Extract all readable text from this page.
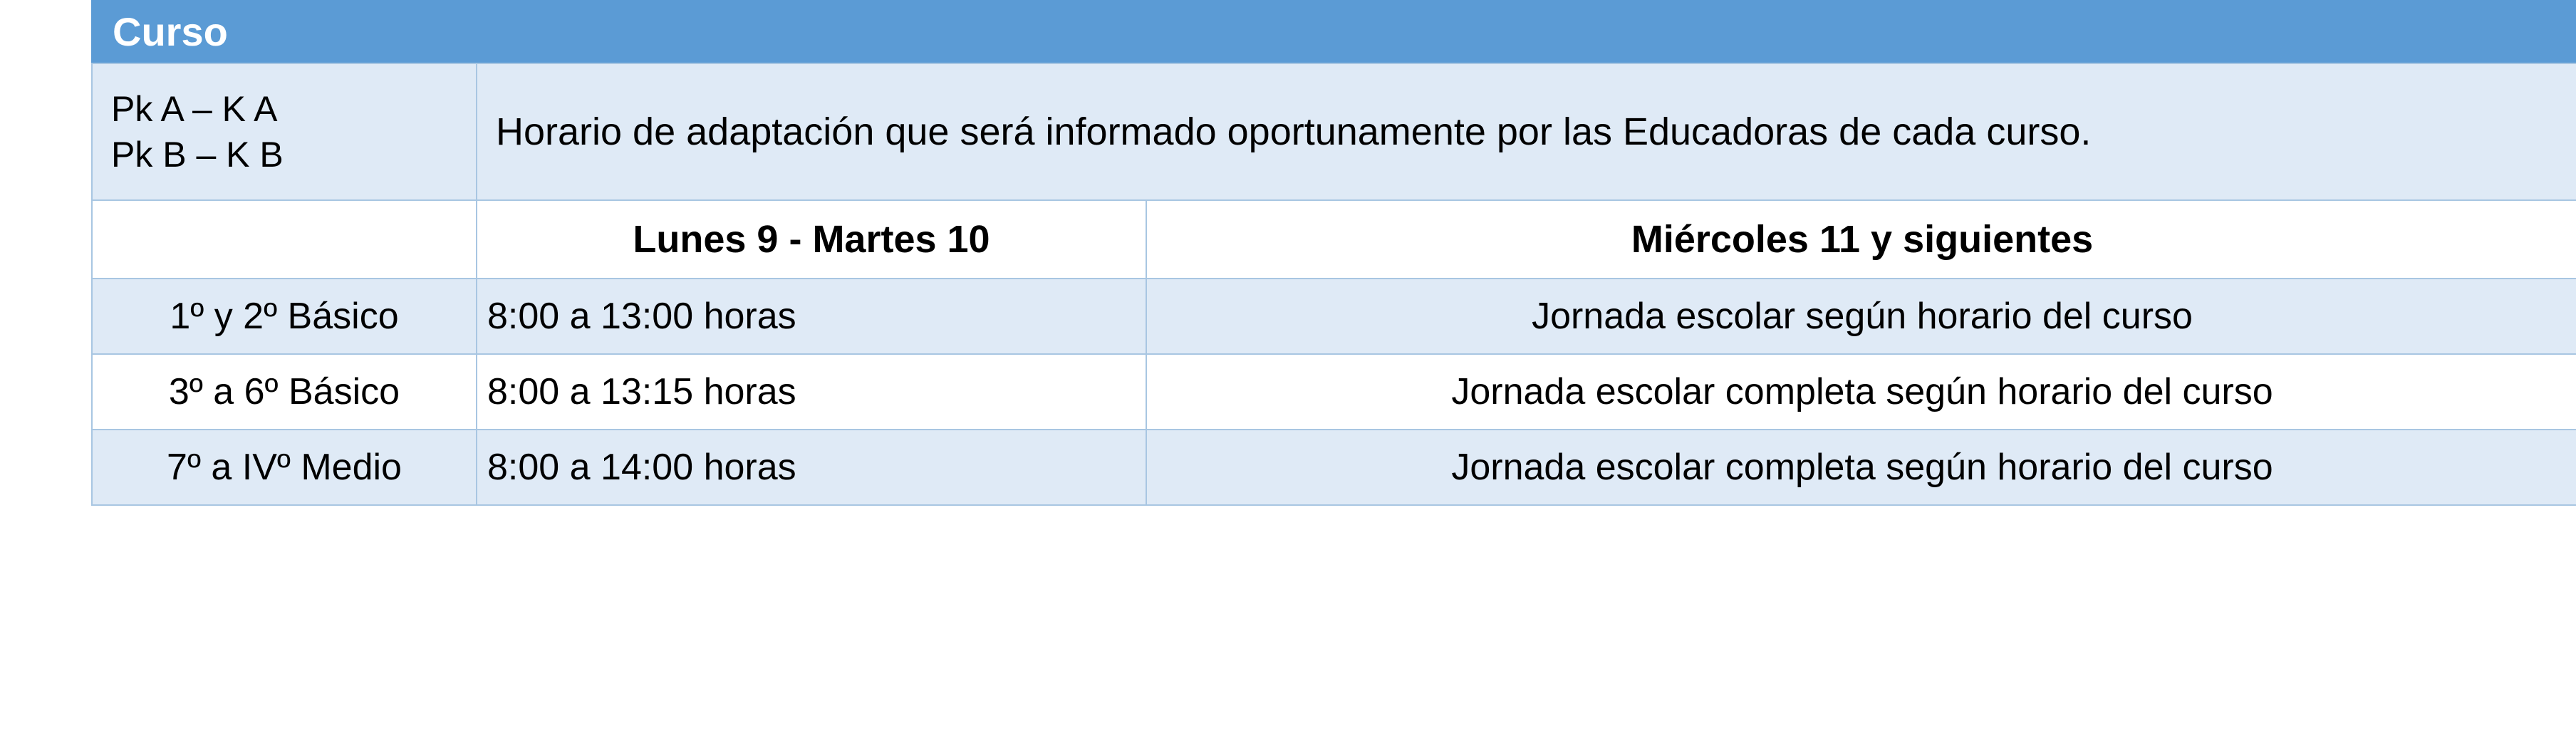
Curso		

Pk A – K A
Pk B – K B	Horario de adaptación que será informado oportunamente por las Educadoras de cada curso.	
	Lunes 9 - Martes 10	Miércoles 11 y siguientes
1º y 2º Básico	8:00 a 13:00 horas	Jornada escolar según horario del curso
3º a 6º Básico	8:00 a 13:15 horas	Jornada escolar completa según horario del curso
7º a IVº Medio	8:00 a 14:00 horas	Jornada escolar completa según horario del curso
